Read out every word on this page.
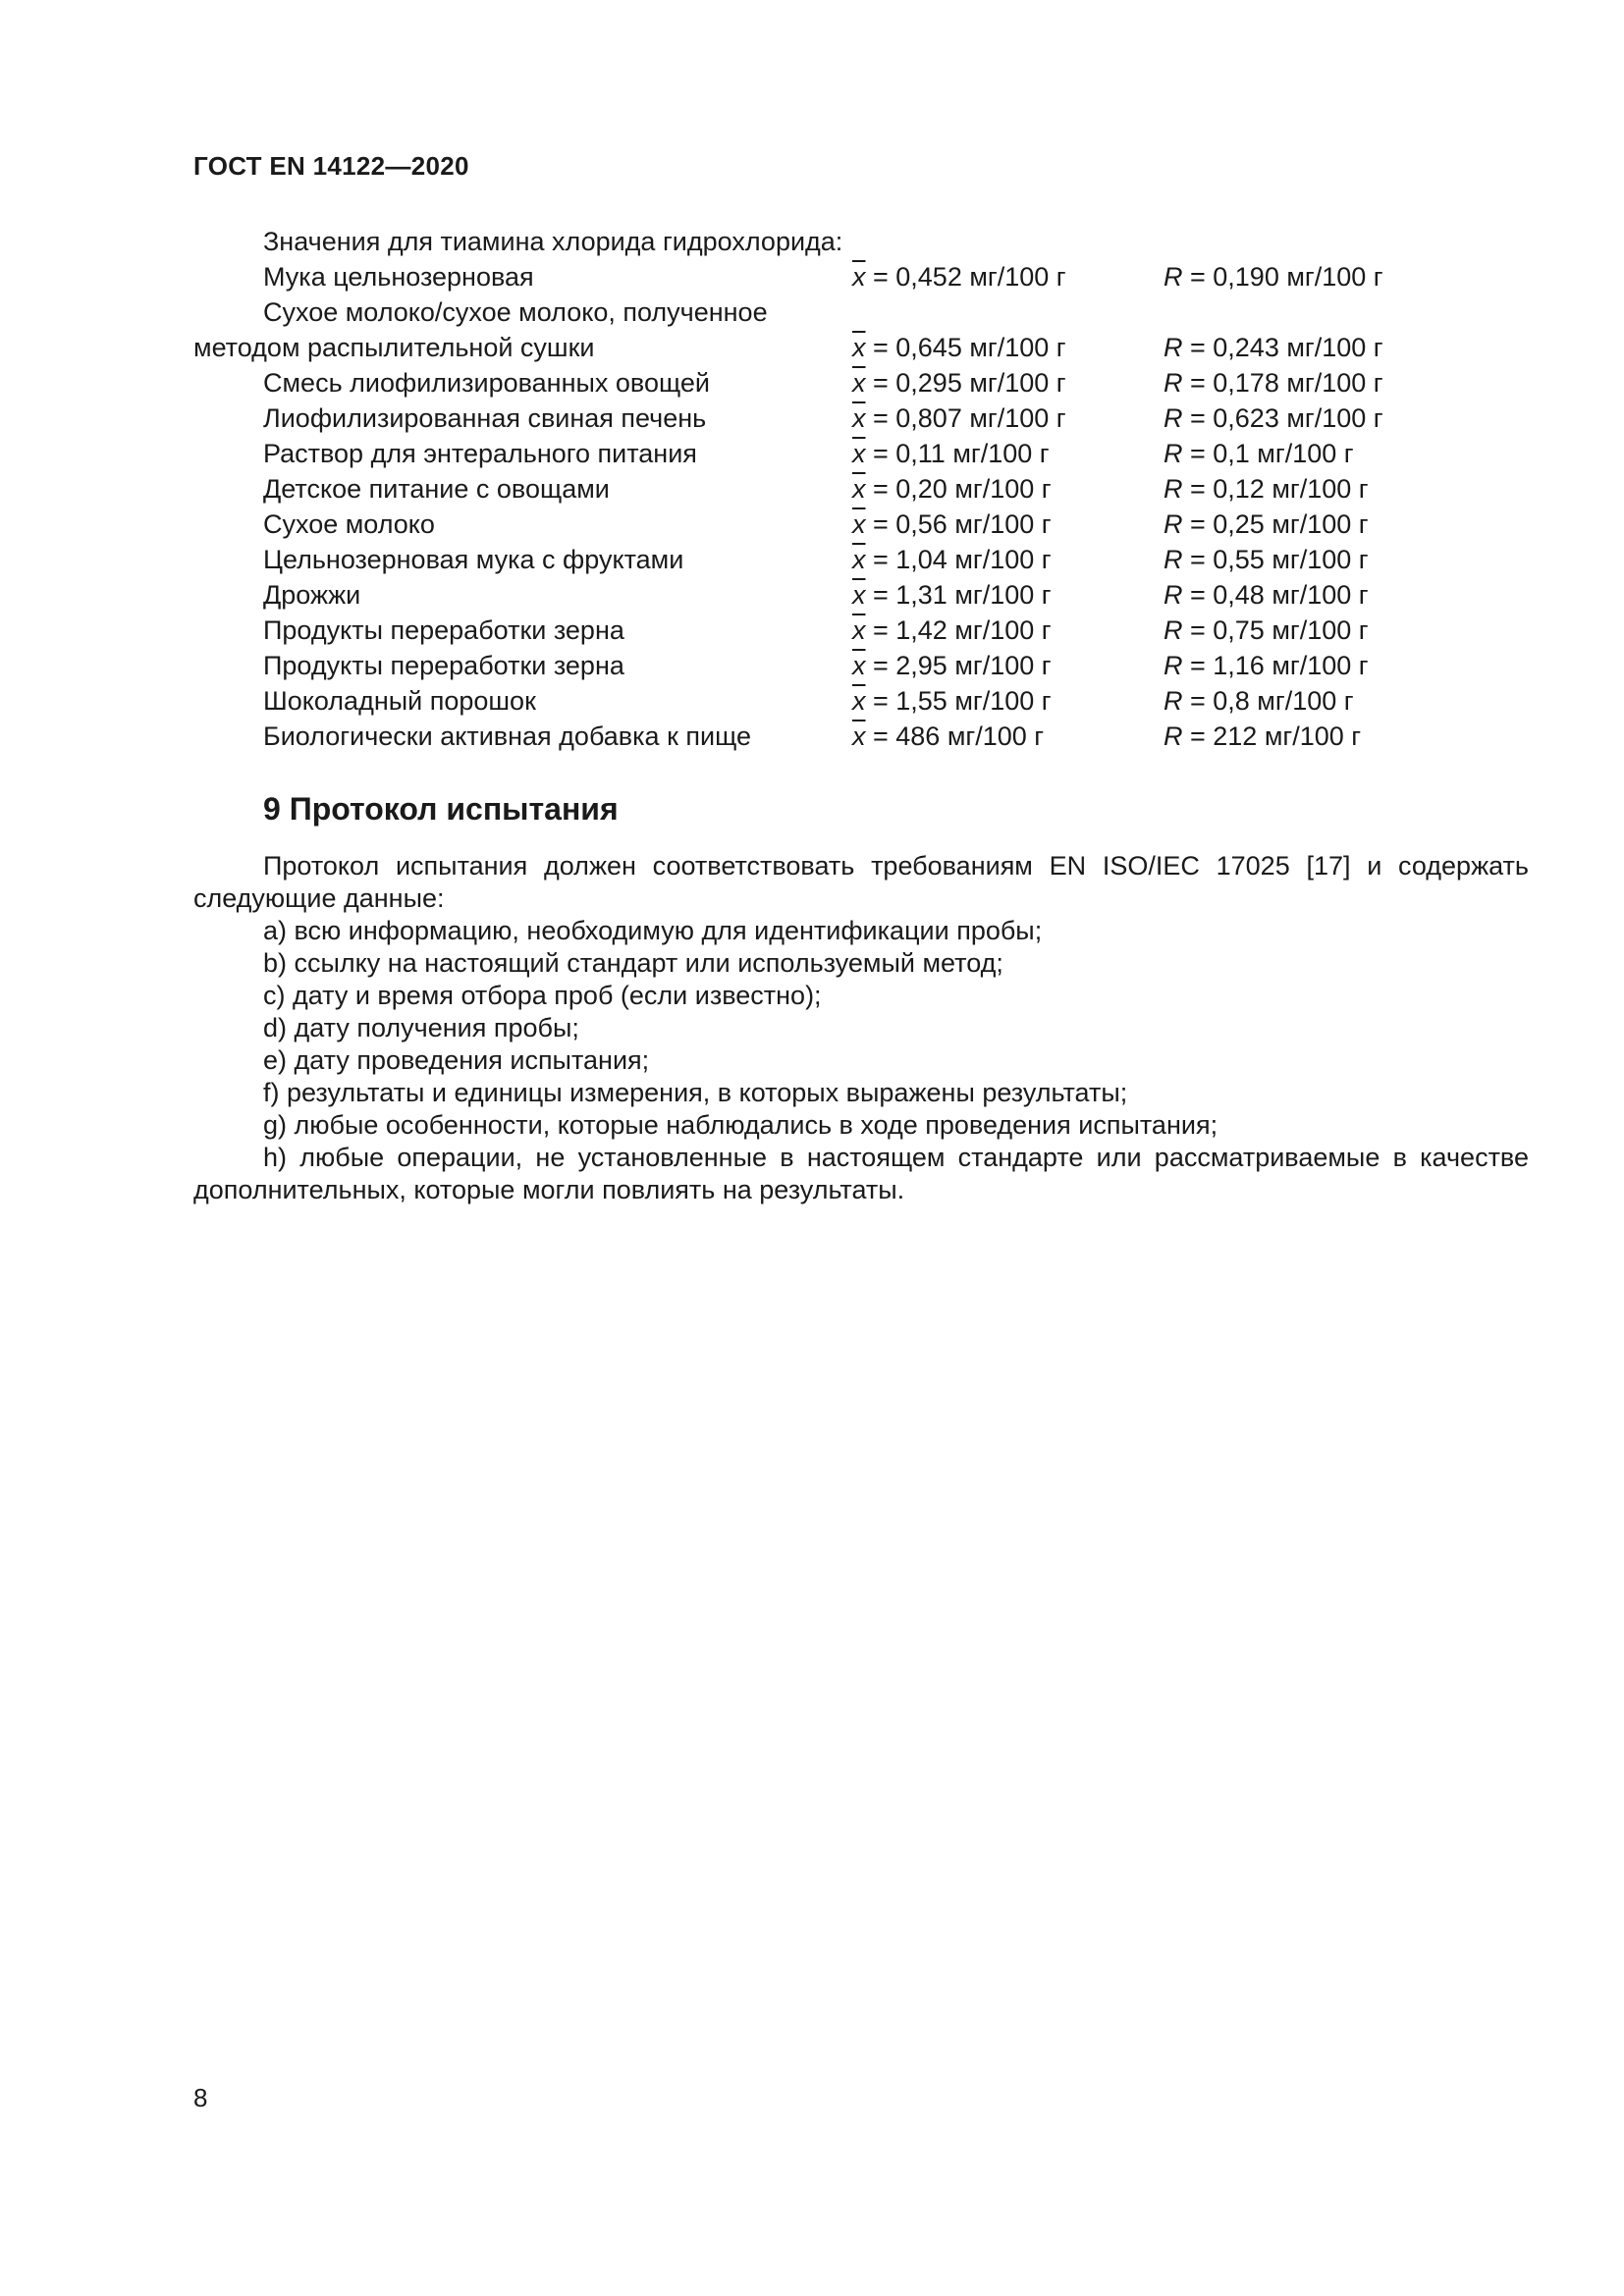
ГОСТ EN 14122—2020
Значения для тиамина хлорида гидрохлорида:
Мука цельнозерновая	$\overline{x} = 0,452$ мг/100 г	R = 0,190 мг/100 г
Сухое молоко/сухое молоко, полученное
методом распылительной сушки	$\overline{x} = 0,645$ мг/100 г	R = 0,243 мг/100 г
Смесь лиофилизированных овощей	$\overline{x} = 0,295$ мг/100 г	R = 0,178 мг/100 г
Лиофилизированная свиная печень	$\overline{x} = 0,807$ мг/100 г	R = 0,623 мг/100 г
Раствор для энтерального питания	$\overline{x} = 0,11$ мг/100 г	R = 0,1 мг/100 г
Детское питание с овощами	$\overline{x} = 0,20$ мг/100 г	R = 0,12 мг/100 г
Сухое молоко	$\overline{x} = 0,56$ мг/100 г	R = 0,25 мг/100 г
Цельнозерновая мука с фруктами	$\overline{x} = 1,04$ мг/100 г	R = 0,55 мг/100 г
Дрожжи	$\overline{x} = 1,31$ мг/100 г	R = 0,48 мг/100 г
Продукты переработки зерна	$\overline{x} = 1,42$ мг/100 г	R = 0,75 мг/100 г
Продукты переработки зерна	$\overline{x} = 2,95$ мг/100 г	R = 1,16 мг/100 г
Шоколадный порошок	$\overline{x} = 1,55$ мг/100 г	R = 0,8 мг/100 г
Биологически активная добавка к пище	$\overline{x} = 486$ мг/100 г	R = 212 мг/100 г
9 Протокол испытания

Протокол испытания должен соответствовать требованиям EN ISO/IEC 17025 [17] и содержать следующие данные:

a) всю информацию, необходимую для идентификации пробы;

b) ссылку на настоящий стандарт или используемый метод;

c) дату и время отбора проб (если известно);

d) дату получения пробы;

e) дату проведения испытания;

f) результаты и единицы измерения, в которых выражены результаты;

g) любые особенности, которые наблюдались в ходе проведения испытания;

h) любые операции, не установленные в настоящем стандарте или рассматриваемые в качестве дополнительных, которые могли повлиять на результаты.

8
